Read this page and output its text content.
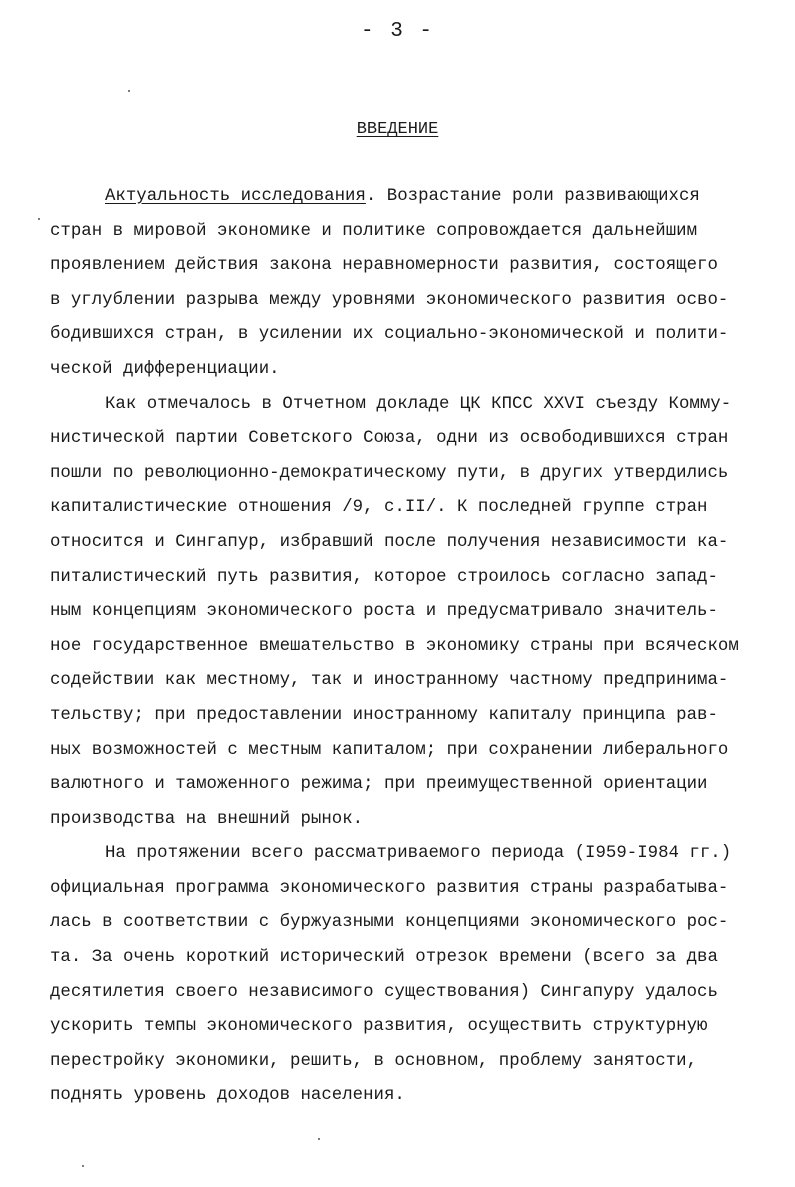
- 3 -
ВВЕДЕНИЕ
Актуальность исследования. Возрастание роли развивающихся
стран в мировой экономике и политике сопровождается дальнейшим
проявлением действия закона неравномерности развития, состоящего
в углублении разрыва между уровнями экономического развития осво-
бодившихся стран, в усилении их социально-экономической и полити-
ческой дифференциации.
Как отмечалось в Отчетном докладе ЦК КПСС XXVI съезду Комму-
нистической партии Советского Союза, одни из освободившихся стран
пошли по революционно-демократическому пути, в других утвердились
капиталистические отношения /9, с.II/. К последней группе стран
относится и Сингапур, избравший после получения независимости ка-
питалистический путь развития, которое строилось согласно запад-
ным концепциям экономического роста и предусматривало значитель-
ное государственное вмешательство в экономику страны при всяческом
содействии как местному, так и иностранному частному предпринима-
тельству; при предоставлении иностранному капиталу принципа рав-
ных возможностей с местным капиталом; при сохранении либерального
валютного и таможенного режима; при преимущественной ориентации
производства на внешний рынок.
На протяжении всего рассматриваемого периода (I959-I984 гг.)
официальная программа экономического развития страны разрабатыва-
лась в соответствии с буржуазными концепциями экономического рос-
та. За очень короткий исторический отрезок времени (всего за два
десятилетия своего независимого существования) Сингапуру удалось
ускорить темпы экономического развития, осуществить структурную
перестройку экономики, решить, в основном, проблему занятости,
поднять уровень доходов населения.
